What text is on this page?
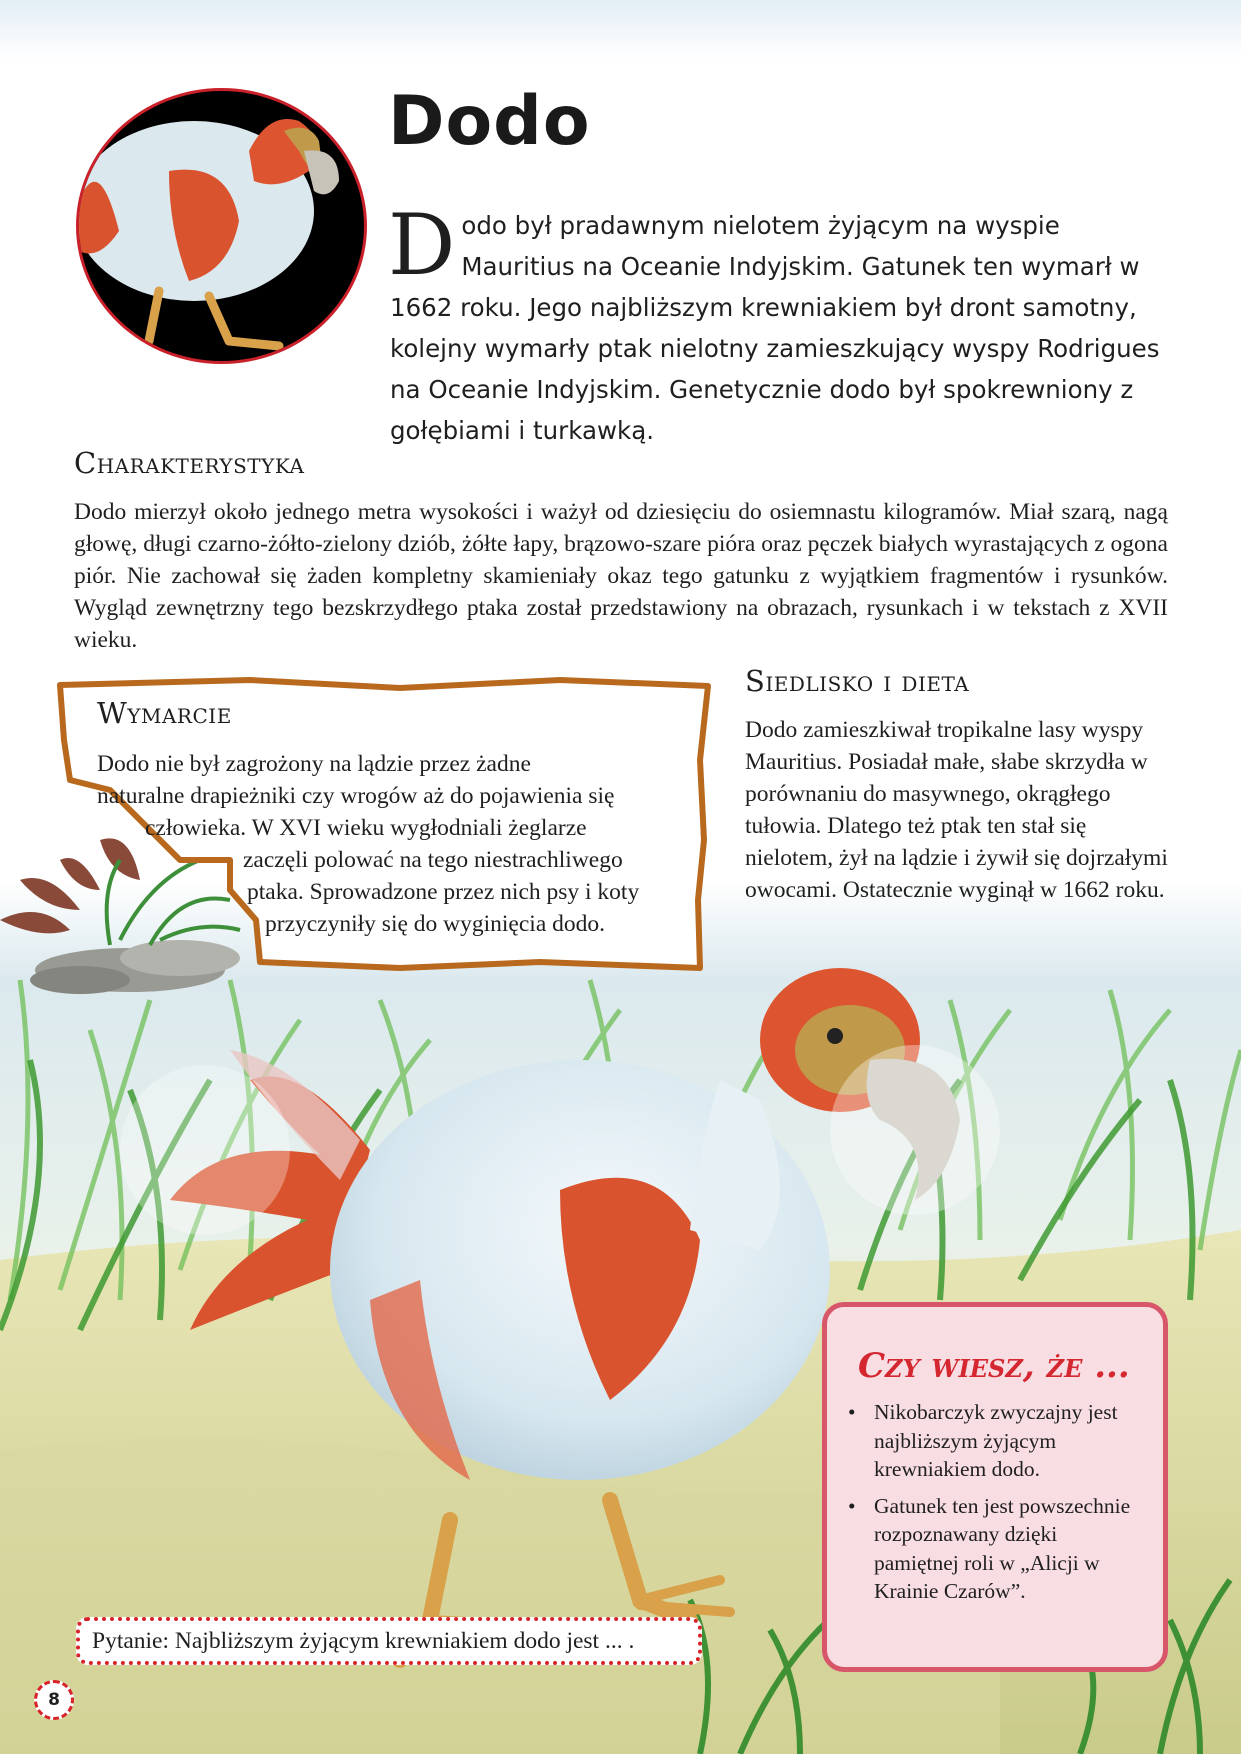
Dodo

Dodo był pradawnym nielotem żyjącym na wyspie Mauritius na Oceanie Indyjskim. Gatunek ten wymarł w 1662 roku. Jego najbliższym krewniakiem był dront samotny, kolejny wymarły ptak nielotny zamieszkujący wyspy Rodrigues na Oceanie Indyjskim. Genetycznie dodo był spokrewniony z gołębiami i turkawką.

Charakterystyka

Dodo mierzył około jednego metra wysokości i ważył od dziesięciu do osiemnastu kilogramów. Miał szarą, nagą głowę, długi czarno-żółto-zielony dziób, żółte łapy, brązowo-szare pióra oraz pęczek białych wyrastających z ogona piór. Nie zachował się żaden kompletny skamieniały okaz tego gatunku z wyjątkiem fragmentów i rysunków. Wygląd zewnętrzny tego bezskrzydłego ptaka został przedstawiony na obrazach, rysunkach i w tekstach z XVII wieku.

Wymarcie

Dodo nie był zagrożony na lądzie przez żadne

naturalne drapieżniki czy wrogów aż do pojawienia się

człowieka. W XVI wieku wygłodniali żeglarze

zaczęli polować na tego niestrachliwego

ptaka. Sprowadzone przez nich psy i koty

przyczyniły się do wyginięcia dodo.

Siedlisko i dieta

Dodo zamieszkiwał tropikalne lasy wyspy Mauritius. Posiadał małe, słabe skrzydła w porównaniu do masywnego, okrągłego tułowia. Dlatego też ptak ten stał się nielotem, żył na lądzie i żywił się dojrzałymi owocami. Ostatecznie wyginął w 1662 roku.

Czy wiesz, że ...
• Nikobarczyk zwyczajny jest najbliższym żyjącym krewniakiem dodo.
• Gatunek ten jest powszechnie rozpoznawany dzięki pamiętnej roli w „Alicji w Krainie Czarów”.
Pytanie: Najbliższym żyjącym krewniakiem dodo jest ... .
8
